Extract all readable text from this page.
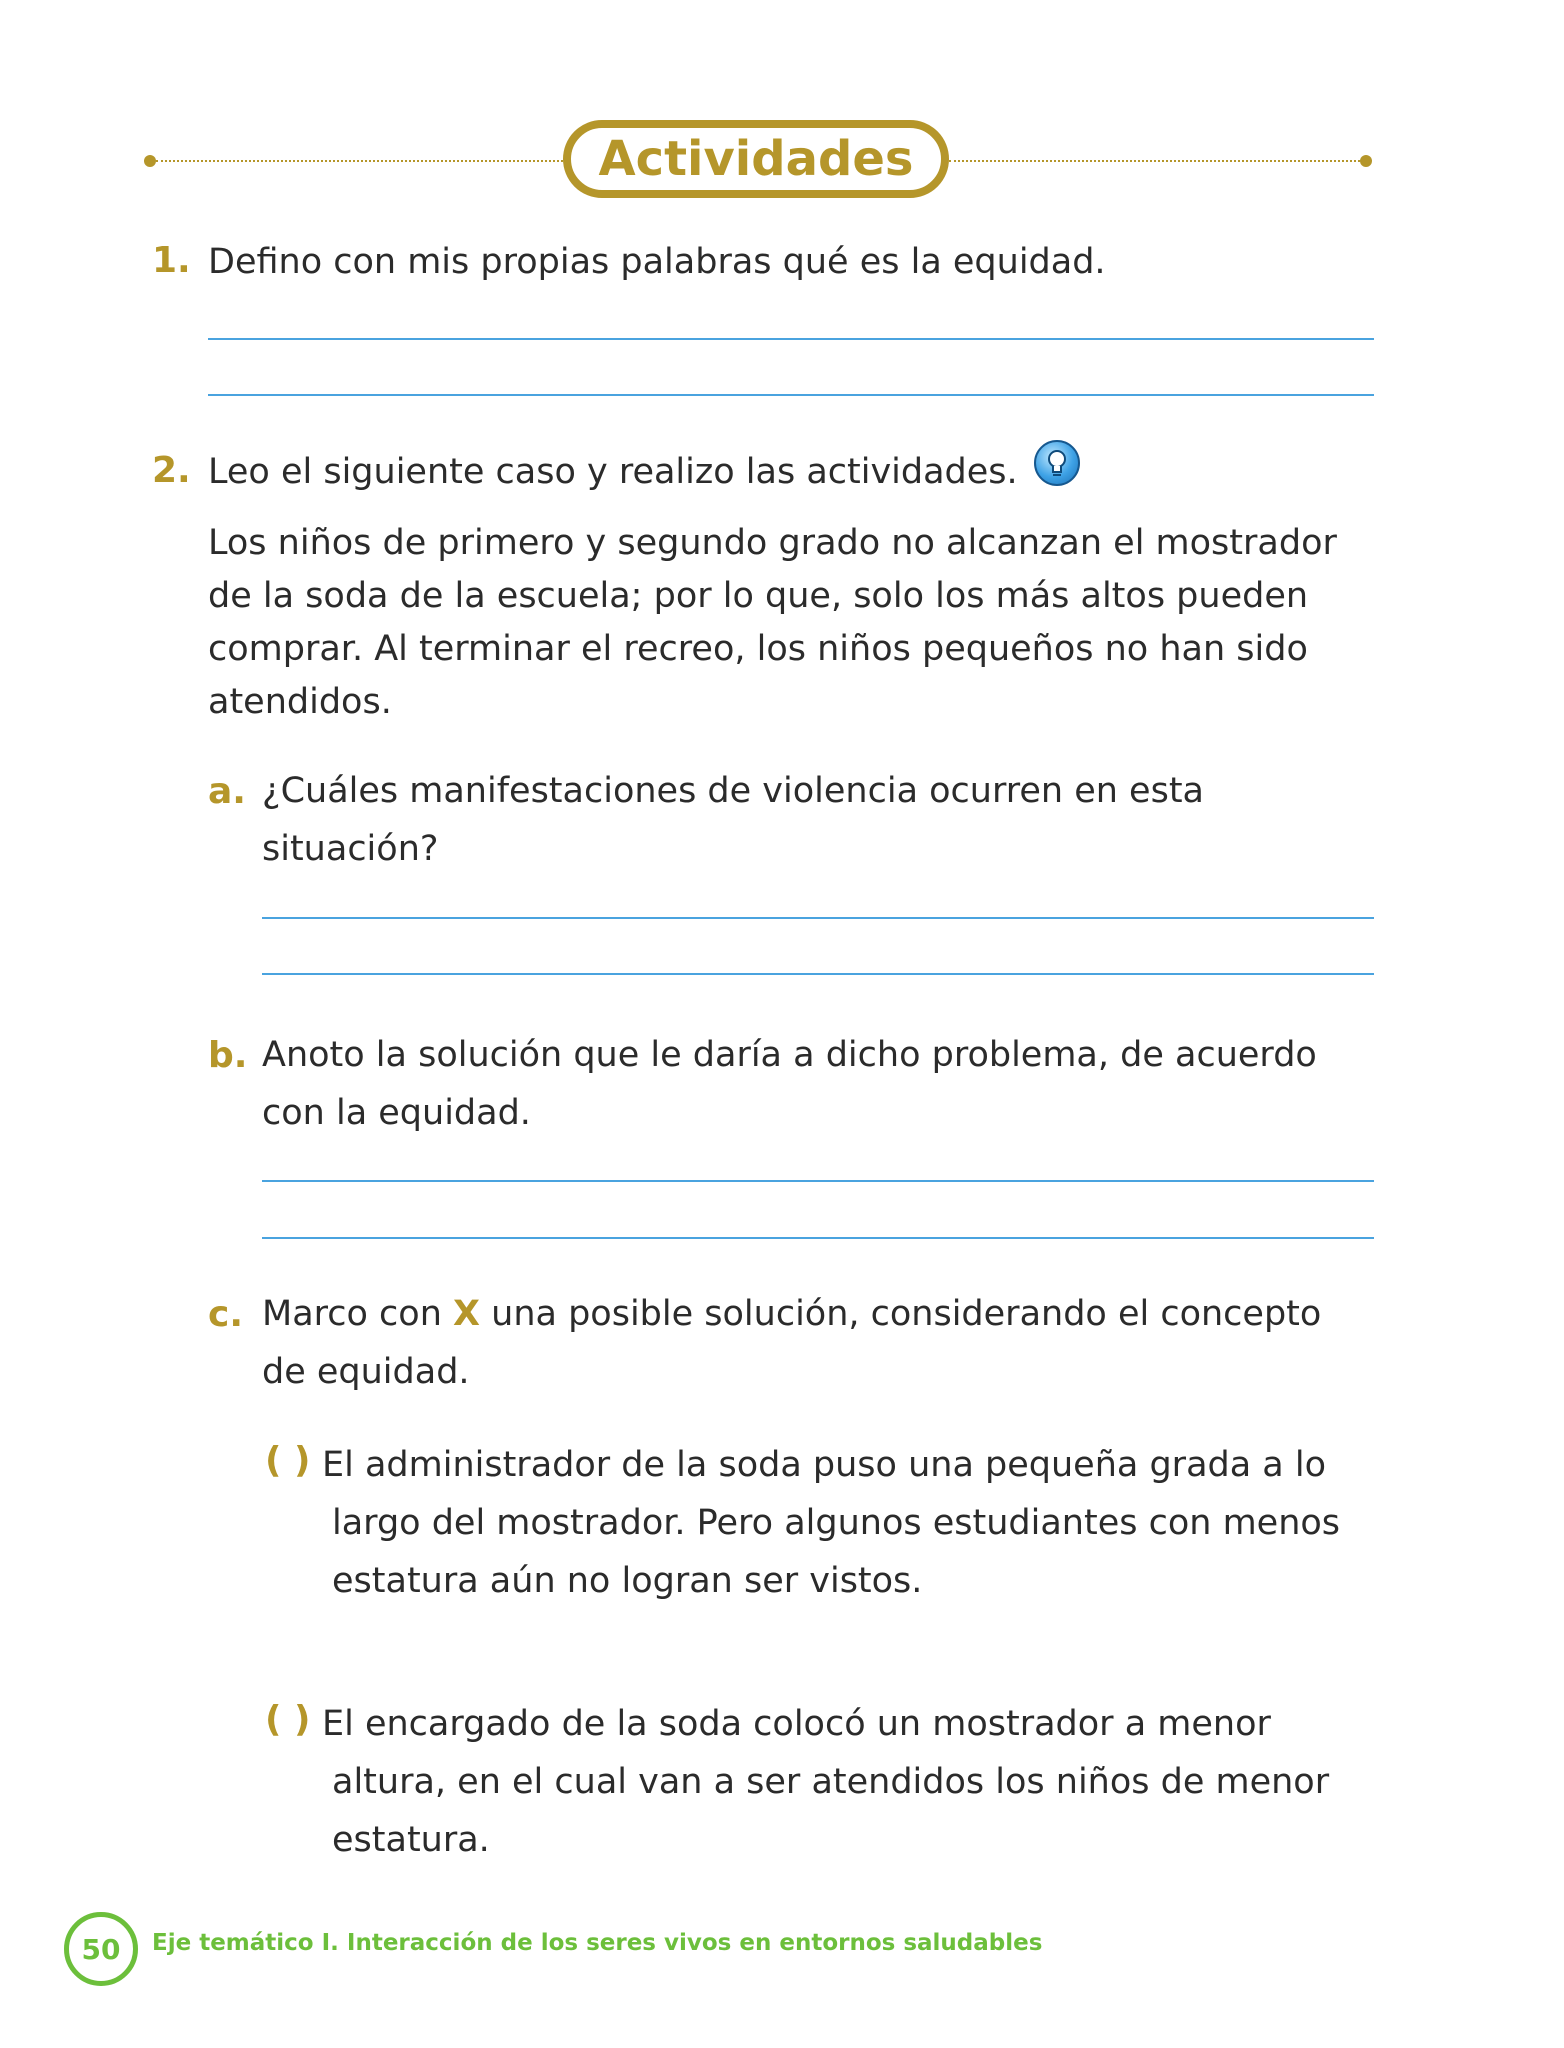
Actividades
1. Defino con mis propias palabras qué es la equidad.
2. Leo el siguiente caso y realizo las actividades.
Los niños de primero y segundo grado no alcanzan el mostrador
de la soda de la escuela; por lo que, solo los más altos pueden
comprar. Al terminar el recreo, los niños pequeños no han sido
atendidos.
a. ¿Cuáles manifestaciones de violencia ocurren en esta
situación?
b. Anoto la solución que le daría a dicho problema, de acuerdo
con la equidad.
c. Marco con X una posible solución, considerando el concepto
de equidad.
( ) El administrador de la soda puso una pequeña grada a lo
largo del mostrador. Pero algunos estudiantes con menos
estatura aún no logran ser vistos.
( ) El encargado de la soda colocó un mostrador a menor
altura, en el cual van a ser atendidos los niños de menor
estatura.
50 Eje temático I. Interacción de los seres vivos en entornos saludables
